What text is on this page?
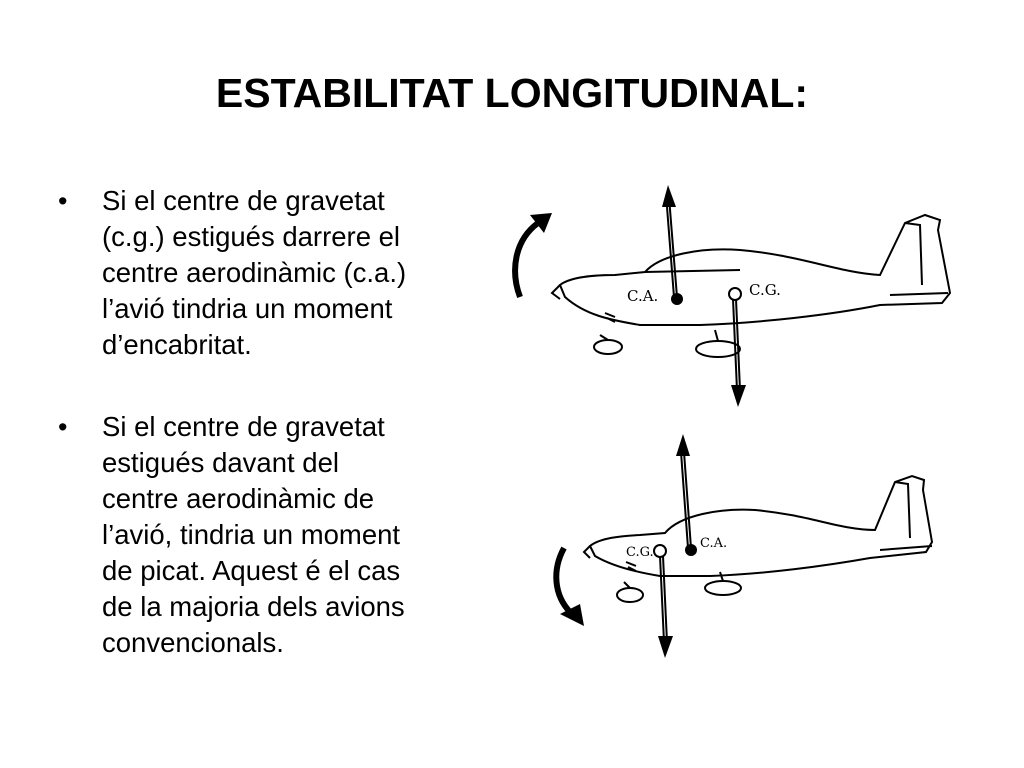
ESTABILITAT LONGITUDINAL:
• Si el centre de gravetat
(c.g.) estigués darrere el
centre aerodinàmic (c.a.)
l’avió tindria un moment
d’encabritat.
• Si el centre de gravetat
estigués davant del
centre aerodinàmic de
l’avió, tindria un moment
de picat. Aquest é el cas
de la majoria dels avions
convencionals.
C.A.	C.G.
C.A.
C.G.
